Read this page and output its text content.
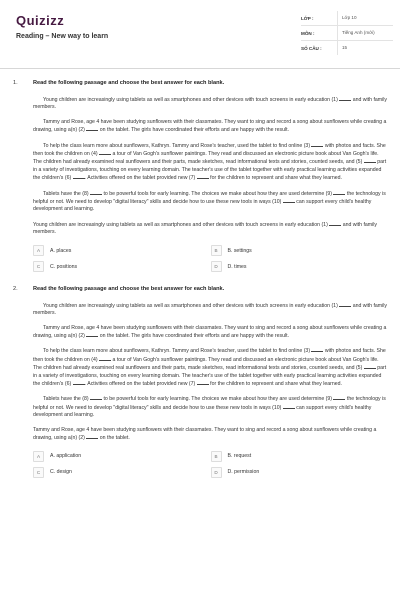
Quizizz
Reading – New way to learn
LỚP :	Lớp 10
MÔN :	Tiếng Anh (mới)
SỐ CÂU :	15
1.	Read the following passage and choose the best answer for each blank.

Young children are increasingly using tablets as well as smartphones and other devices with touch screens in early education (1)  and with family members.

Tammy and Rose, age 4 have been studying sunflowers with their classmates. They want to sing and record a song about sunflowers while creating a drawing, using a(n) (2)  on the tablet. The girls have coordinated their efforts and are happy with the result.

To help the class learn more about sunflowers, Kathryn. Tammy and Rose's teacher, used the tablet to find online (3)  with photos and facts. She then took the children on (4)  a tour of Van Gogh's sunflower paintings. They read and discussed an electronic picture book about Van Gogh's life. The children had already examined real sunflowers and their parts, made sketches, read informational texts and stories, counted seeds, and (5)  part in a variety of investigations, touching on every learning domain. The teacher's use of the tablet together with early practical learning activities expanded the children's (6) . Activities offered on the tablet provided new (7)  for the children to represent and share what they learned.

Tablets have the (8)  to be powerful tools for early learning. The choices we make about how they are used determine (9)  the technology is helpful or not. We need to develop "digital literacy" skills and decide how to use these new tools in ways (10)  can support every child's healthy development and learning.

Young children are increasingly using tablets as well as smartphones and other devices with touch screens in early education (1)  and with family members.

A	A. places	B	B. settings
C	C. positions	D	D. times
2.	Read the following passage and choose the best answer for each blank.

Young children are increasingly using tablets as well as smartphones and other devices with touch screens in early education (1)  and with family members.

Tammy and Rose, age 4 have been studying sunflowers with their classmates. They want to sing and record a song about sunflowers while creating a drawing, using a(n) (2)  on the tablet. The girls have coordinated their efforts and are happy with the result.

To help the class learn more about sunflowers, Kathryn. Tammy and Rose's teacher, used the tablet to find online (3)  with photos and facts. She then took the children on (4)  a tour of Van Gogh's sunflower paintings. They read and discussed an electronic picture book about Van Gogh's life. The children had already examined real sunflowers and their parts, made sketches, read informational texts and stories, counted seeds, and (5)  part in a variety of investigations, touching on every learning domain. The teacher's use of the tablet together with early practical learning activities expanded the children's (6) . Activities offered on the tablet provided new (7)  for the children to represent and share what they learned.

Tablets have the (8)  to be powerful tools for early learning. The choices we make about how they are used determine (9)  the technology is helpful or not. We need to develop "digital literacy" skills and decide how to use these new tools in ways (10)  can support every child's healthy development and learning.

Tammy and Rose, age 4 have been studying sunflowers with their classmates. They want to sing and record a song about sunflowers while creating a drawing, using a(n) (2)  on the tablet.

A	A. application	B	B. request
C	C. design	D	D. permission
